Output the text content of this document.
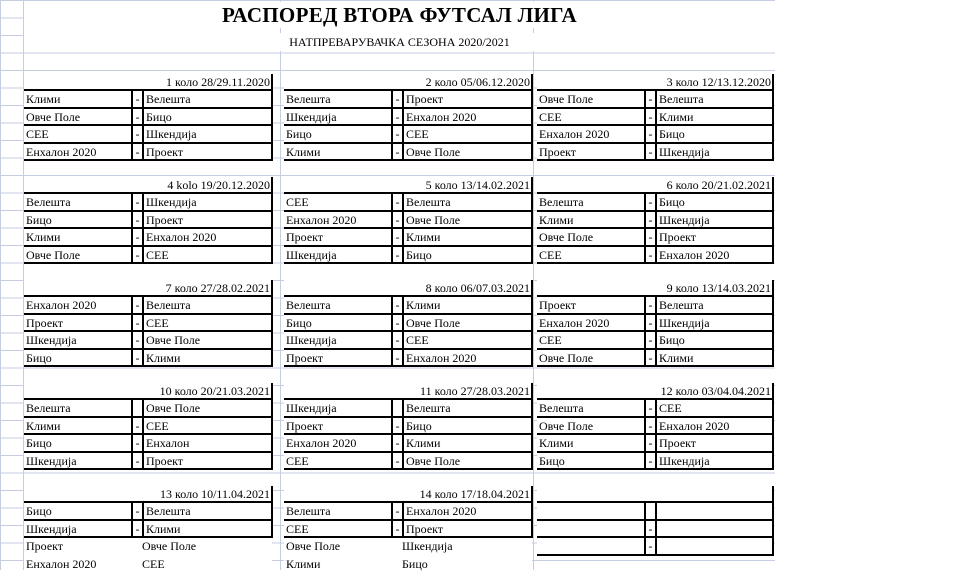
РАСПОРЕД ВТОРА ФУТСАЛ ЛИГА
НАТПРЕВАРУВАЧКА СЕЗОНА 2020/2021
1 коло 28/29.11.2020
Клими	- Велешта
Овче Поле	- Бицо
СЕЕ	- Шкендија
Енхалон 2020	- Проект
2 коло 05/06.12.2020
Велешта	- Проект
Шкендија	- Енхалон 2020
Бицо	- СЕЕ
Клими	- Овче Поле
3 коло 12/13.12.2020
Овче Поле	- Велешта
СЕЕ	- Клими
Енхалон 2020	- Бицо
Проект	- Шкендија
4 kolo 19/20.12.2020
Велешта	- Шкендија
Бицо	- Проект
Клими	- Енхалон 2020
Овче Поле	- СЕЕ
5 коло 13/14.02.2021
СЕЕ	- Велешта
Енхалон 2020	- Овче Поле
Проект	- Клими
Шкендија	- Бицо
6 коло 20/21.02.2021
Велешта	- Бицо
Клими	- Шкендија
Овче Поле	- Проект
СЕЕ	- Енхалон 2020
7 коло 27/28.02.2021
Енхалон 2020	- Велешта
Проект	- СЕЕ
Шкендија	- Овче Поле
Бицо	- Клими
8 коло 06/07.03.2021
Велешта	- Клими
Бицо	- Овче Поле
Шкендија	- СЕЕ
Проект	- Енхалон 2020
9 коло 13/14.03.2021
Проект	- Велешта
Енхалон 2020	- Шкендија
СЕЕ	- Бицо
Овче Поле	- Клими
10 коло 20/21.03.2021
Велешта	Овче Поле
Клими	- СЕЕ
Бицо	- Енхалон
Шкендија	- Проект
11 коло 27/28.03.2021
Шкендија	Велешта
Проект	- Бицо
Енхалон 2020	- Клими
СЕЕ	- Овче Поле
12 коло 03/04.04.2021
Велешта	- СЕЕ
Овче Поле	- Енхалон 2020
Клими	- Проект
Бицо	- Шкендија
13 коло 10/11.04.2021
Бицо	- Велешта
Шкендија	- Клими
Проект	Овче Поле
Енхалон 2020	СЕЕ
14 коло 17/18.04.2021
Велешта	- Енхалон 2020
СЕЕ	- Проект
Овче Поле	Шкендија
Клими	Бицо
-
-
